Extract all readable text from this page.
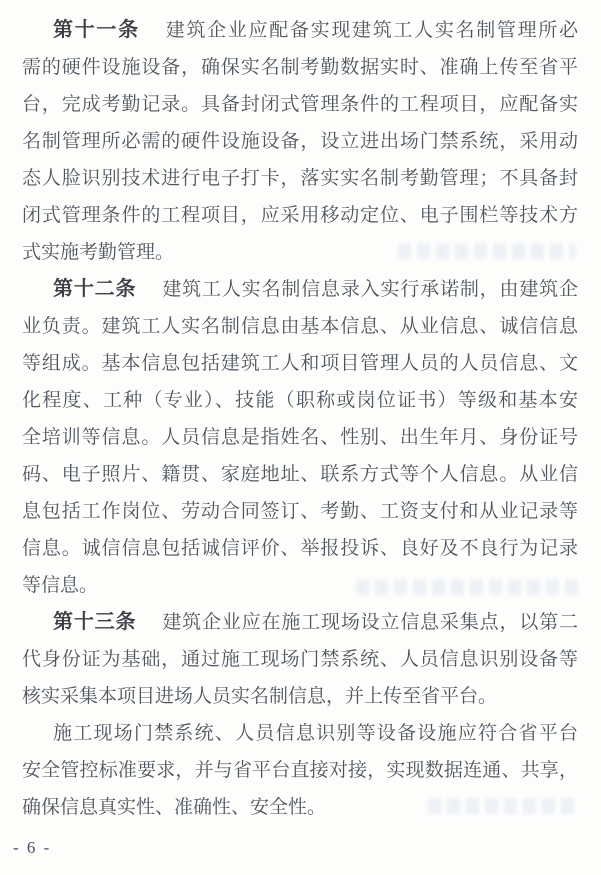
第十一条 建筑企业应配备实现建筑工人实名制管理所必
需的硬件设施设备，确保实名制考勤数据实时、准确上传至省平
台，完成考勤记录。具备封闭式管理条件的工程项目，应配备实
名制管理所必需的硬件设施设备，设立进出场门禁系统，采用动
态人脸识别技术进行电子打卡，落实实名制考勤管理；不具备封
闭式管理条件的工程项目，应采用移动定位、电子围栏等技术方
式实施考勤管理。
第十二条 建筑工人实名制信息录入实行承诺制，由建筑企
业负责。建筑工人实名制信息由基本信息、从业信息、诚信信息
等组成。基本信息包括建筑工人和项目管理人员的人员信息、文
化程度、工种（专业）、技能（职称或岗位证书）等级和基本安
全培训等信息。人员信息是指姓名、性别、出生年月、身份证号
码、电子照片、籍贯、家庭地址、联系方式等个人信息。从业信
息包括工作岗位、劳动合同签订、考勤、工资支付和从业记录等
信息。诚信信息包括诚信评价、举报投诉、良好及不良行为记录
等信息。
第十三条 建筑企业应在施工现场设立信息采集点，以第二
代身份证为基础，通过施工现场门禁系统、人员信息识别设备等
核实采集本项目进场人员实名制信息，并上传至省平台。
施工现场门禁系统、人员信息识别等设备设施应符合省平台
安全管控标准要求，并与省平台直接对接，实现数据连通、共享，
确保信息真实性、准确性、安全性。
- 6 -
